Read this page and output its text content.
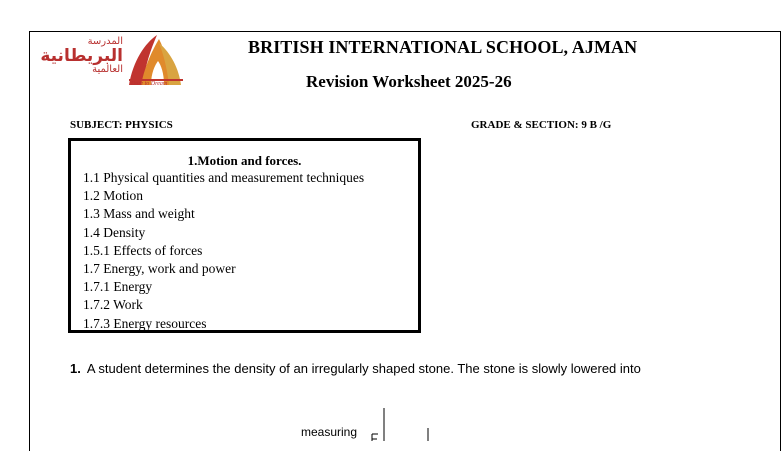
المدرسة
البريطانية
العالمية
Dare to Dream
BRITISH INTERNATIONAL SCHOOL, AJMAN
Revision Worksheet 2025-26
SUBJECT: PHYSICS	GRADE & SECTION: 9 B /G
1.Motion and forces.
1.1 Physical quantities and measurement techniques
1.2 Motion
1.3 Mass and weight
1.4 Density
1.5.1 Effects of forces
1.7 Energy, work and power
1.7.1 Energy
1.7.2 Work
1.7.3 Energy resources
1. A student determines the density of an irregularly shaped stone. The stone is slowly lowered into
measuring
